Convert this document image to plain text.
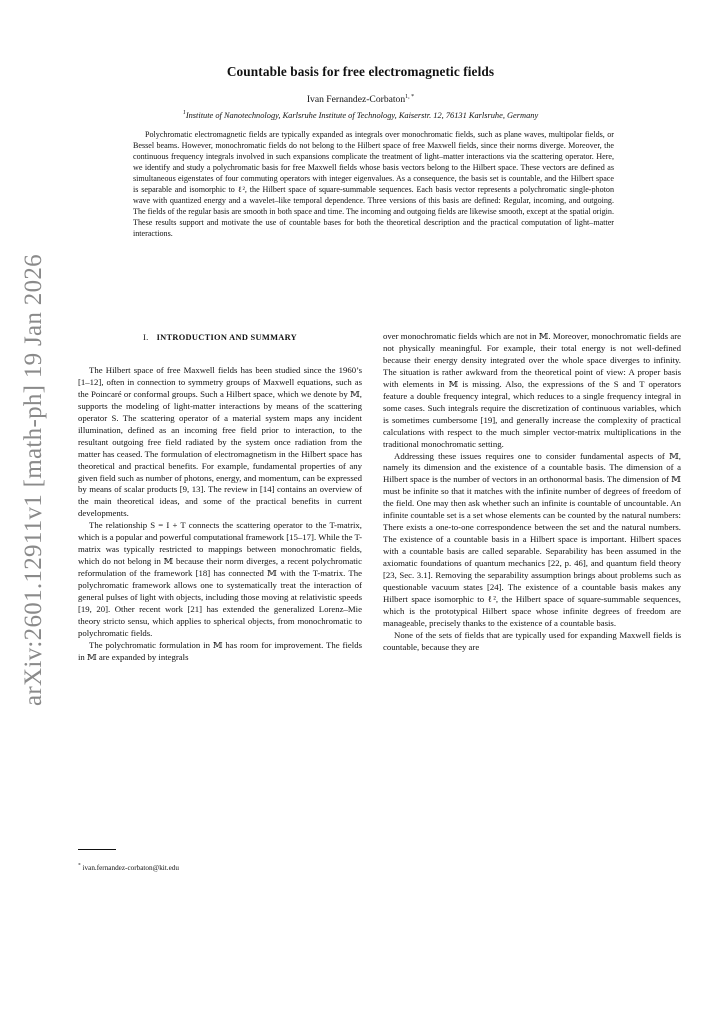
arXiv:2601.12911v1 [math-ph] 19 Jan 2026
Countable basis for free electromagnetic fields
Ivan Fernandez-Corbaton$^{1, *}$
$^1$Institute of Nanotechnology, Karlsruhe Institute of Technology, Kaiserstr. 12, 76131 Karlsruhe, Germany
Polychromatic electromagnetic fields are typically expanded as integrals over monochromatic fields, such as plane waves, multipolar fields, or Bessel beams. However, monochromatic fields do not belong to the Hilbert space of free Maxwell fields, since their norms diverge. Moreover, the continuous frequency integrals involved in such expansions complicate the treatment of light–matter interactions via the scattering operator. Here, we identify and study a polychromatic basis for free Maxwell fields whose basis vectors belong to the Hilbert space. These vectors are defined as simultaneous eigenstates of four commuting operators with integer eigenvalues. As a consequence, the basis set is countable, and the Hilbert space is separable and isomorphic to ℓ², the Hilbert space of square-summable sequences. Each basis vector represents a polychromatic single-photon wave with quantized energy and a wavelet–like temporal dependence. Three versions of this basis are defined: Regular, incoming, and outgoing. The fields of the regular basis are smooth in both space and time. The incoming and outgoing fields are likewise smooth, except at the spatial origin. These results support and motivate the use of countable bases for both the theoretical description and the practical computation of light–matter interactions.
I. INTRODUCTION AND SUMMARY

The Hilbert space of free Maxwell fields has been studied since the 1960’s [1–12], often in connection to symmetry groups of Maxwell equations, such as the Poincaré or conformal groups. Such a Hilbert space, which we denote by 𝕄, supports the modeling of light-matter interactions by means of the scattering operator S. The scattering operator of a material system maps any incident illumination, defined as an incoming free field prior to interaction, to the resultant outgoing free field radiated by the system once radiation from the matter has ceased. The formulation of electromagnetism in the Hilbert space has theoretical and practical benefits. For example, fundamental properties of any given field such as number of photons, energy, and momentum, can be expressed by means of scalar products [9, 13]. The review in [14] contains an overview of the main theoretical ideas, and some of the practical benefits in current developments.

The relationship S = I + T connects the scattering operator to the T-matrix, which is a popular and powerful computational framework [15–17]. While the T-matrix was typically restricted to mappings between monochromatic fields, which do not belong in 𝕄 because their norm diverges, a recent polychromatic reformulation of the framework [18] has connected 𝕄 with the T-matrix. The polychromatic framework allows one to systematically treat the interaction of general pulses of light with objects, including those moving at relativistic speeds [19, 20]. Other recent work [21] has extended the generalized Lorenz–Mie theory stricto sensu, which applies to spherical objects, from monochromatic to polychromatic fields.

The polychromatic formulation in 𝕄 has room for improvement. The fields in 𝕄 are expanded by integrals

over monochromatic fields which are not in 𝕄. Moreover, monochromatic fields are not physically meaningful. For example, their total energy is not well-defined because their energy density integrated over the whole space diverges to infinity. The situation is rather awkward from the theoretical point of view: A proper basis with elements in 𝕄 is missing. Also, the expressions of the S and T operators feature a double frequency integral, which reduces to a single frequency integral in some cases. Such integrals require the discretization of continuous variables, which is sometimes cumbersome [19], and generally increase the complexity of practical calculations with respect to the much simpler vector-matrix multiplications in the traditional monochromatic setting.

Addressing these issues requires one to consider fundamental aspects of 𝕄, namely its dimension and the existence of a countable basis. The dimension of a Hilbert space is the number of vectors in an orthonormal basis. The dimension of 𝕄 must be infinite so that it matches with the infinite number of degrees of freedom of the field. One may then ask whether such an infinite is countable of uncountable. An infinite countable set is a set whose elements can be counted by the natural numbers: There exists a one-to-one correspondence between the set and the natural numbers. The existence of a countable basis in a Hilbert space is important. Hilbert spaces with a countable basis are called separable. Separability has been assumed in the axiomatic foundations of quantum mechanics [22, p. 46], and quantum field theory [23, Sec. 3.1]. Removing the separability assumption brings about problems such as questionable vacuum states [24]. The existence of a countable basis makes any Hilbert space isomorphic to ℓ², the Hilbert space of square-summable sequences, which is the prototypical Hilbert space whose infinite degrees of freedom are manageable, precisely thanks to the existence of a countable basis.

None of the sets of fields that are typically used for expanding Maxwell fields is countable, because they are

* ivan.fernandez-corbaton@kit.edu
